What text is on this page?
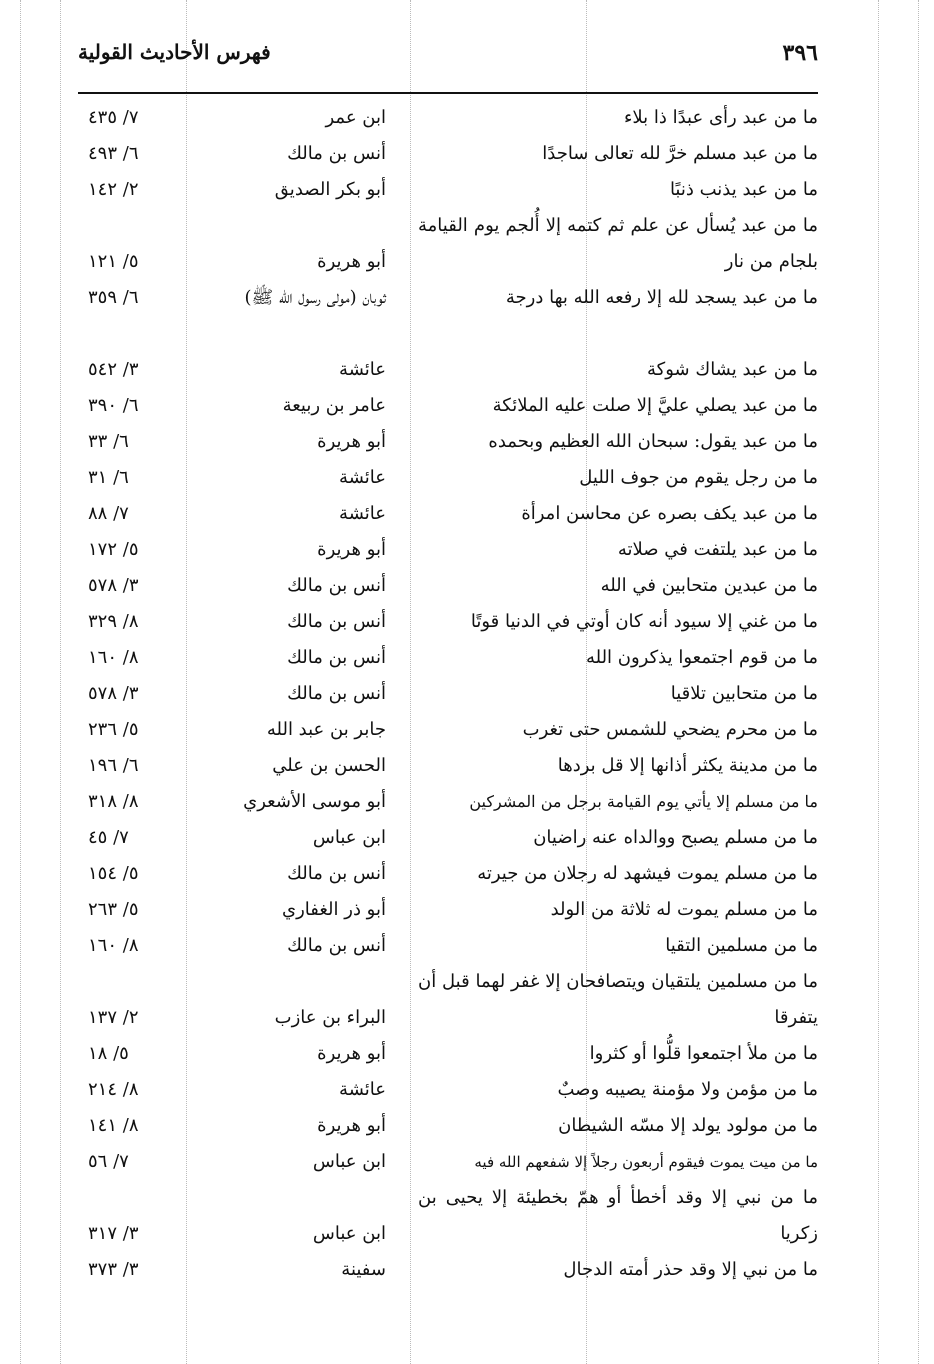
٣٩٦
فهرس الأحاديث القولية
ما من عبد رأى عبدًا ذا بلاء
ابن عمر
٧/ ٤٣٥
ما من عبد مسلم خرَّ لله تعالى ساجدًا
أنس بن مالك
٦/ ٤٩٣
ما من عبد يذنب ذنبًا
أبو بكر الصديق
٢/ ١٤٢
ما من عبد يُسأل عن علم ثم كتمه إلا أُلجم يوم القيامة بلجام من نار
أبو هريرة
٥/ ١٢١
ما من عبد يسجد لله إلا رفعه الله بها درجة
ثوبان (مولى رسول الله ﷺ)
٦/ ٣٥٩
ما من عبد يشاك شوكة
عائشة
٣/ ٥٤٢
ما من عبد يصلي عليَّ إلا صلت عليه الملائكة
عامر بن ربيعة
٦/ ٣٩٠
ما من عبد يقول: سبحان الله العظيم وبحمده
أبو هريرة
٦/ ٣٣
ما من رجل يقوم من جوف الليل
عائشة
٦/ ٣١
ما من عبد يكف بصره عن محاسن امرأة
عائشة
٧/ ٨٨
ما من عبد يلتفت في صلاته
أبو هريرة
٥/ ١٧٢
ما من عبدين متحابين في الله
أنس بن مالك
٣/ ٥٧٨
ما من غني إلا سيود أنه كان أوتي في الدنيا قوتًا
أنس بن مالك
٨/ ٣٢٩
ما من قوم اجتمعوا يذكرون الله
أنس بن مالك
٨/ ١٦٠
ما من متحابين تلاقيا
أنس بن مالك
٣/ ٥٧٨
ما من محرم يضحي للشمس حتى تغرب
جابر بن عبد الله
٥/ ٢٣٦
ما من مدينة يكثر أذانها إلا قل بردها
الحسن بن علي
٦/ ١٩٦
ما من مسلم إلا يأتي يوم القيامة برجل من المشركين
أبو موسى الأشعري
٨/ ٣١٨
ما من مسلم يصبح ووالداه عنه راضيان
ابن عباس
٧/ ٤٥
ما من مسلم يموت فيشهد له رجلان من جيرته
أنس بن مالك
٥/ ١٥٤
ما من مسلم يموت له ثلاثة من الولد
أبو ذر الغفاري
٥/ ٢٦٣
ما من مسلمين التقيا
أنس بن مالك
٨/ ١٦٠
ما من مسلمين يلتقيان ويتصافحان إلا غفر لهما قبل أن يتفرقا
البراء بن عازب
٢/ ١٣٧
ما من ملأ اجتمعوا قلُّوا أو كثروا
أبو هريرة
٥/ ١٨
ما من مؤمن ولا مؤمنة يصيبه وصبٌ
عائشة
٨/ ٢١٤
ما من مولود يولد إلا مسّه الشيطان
أبو هريرة
٨/ ١٤١
ما من ميت يموت فيقوم أربعون رجلاً إلا شفعهم الله فيه
ابن عباس
٧/ ٥٦
ما من نبي إلا وقد أخطأ أو همّ بخطيئة إلا يحيى بن زكريا
ابن عباس
٣/ ٣١٧
ما من نبي إلا وقد حذر أمته الدجال
سفينة
٣/ ٣٧٣
